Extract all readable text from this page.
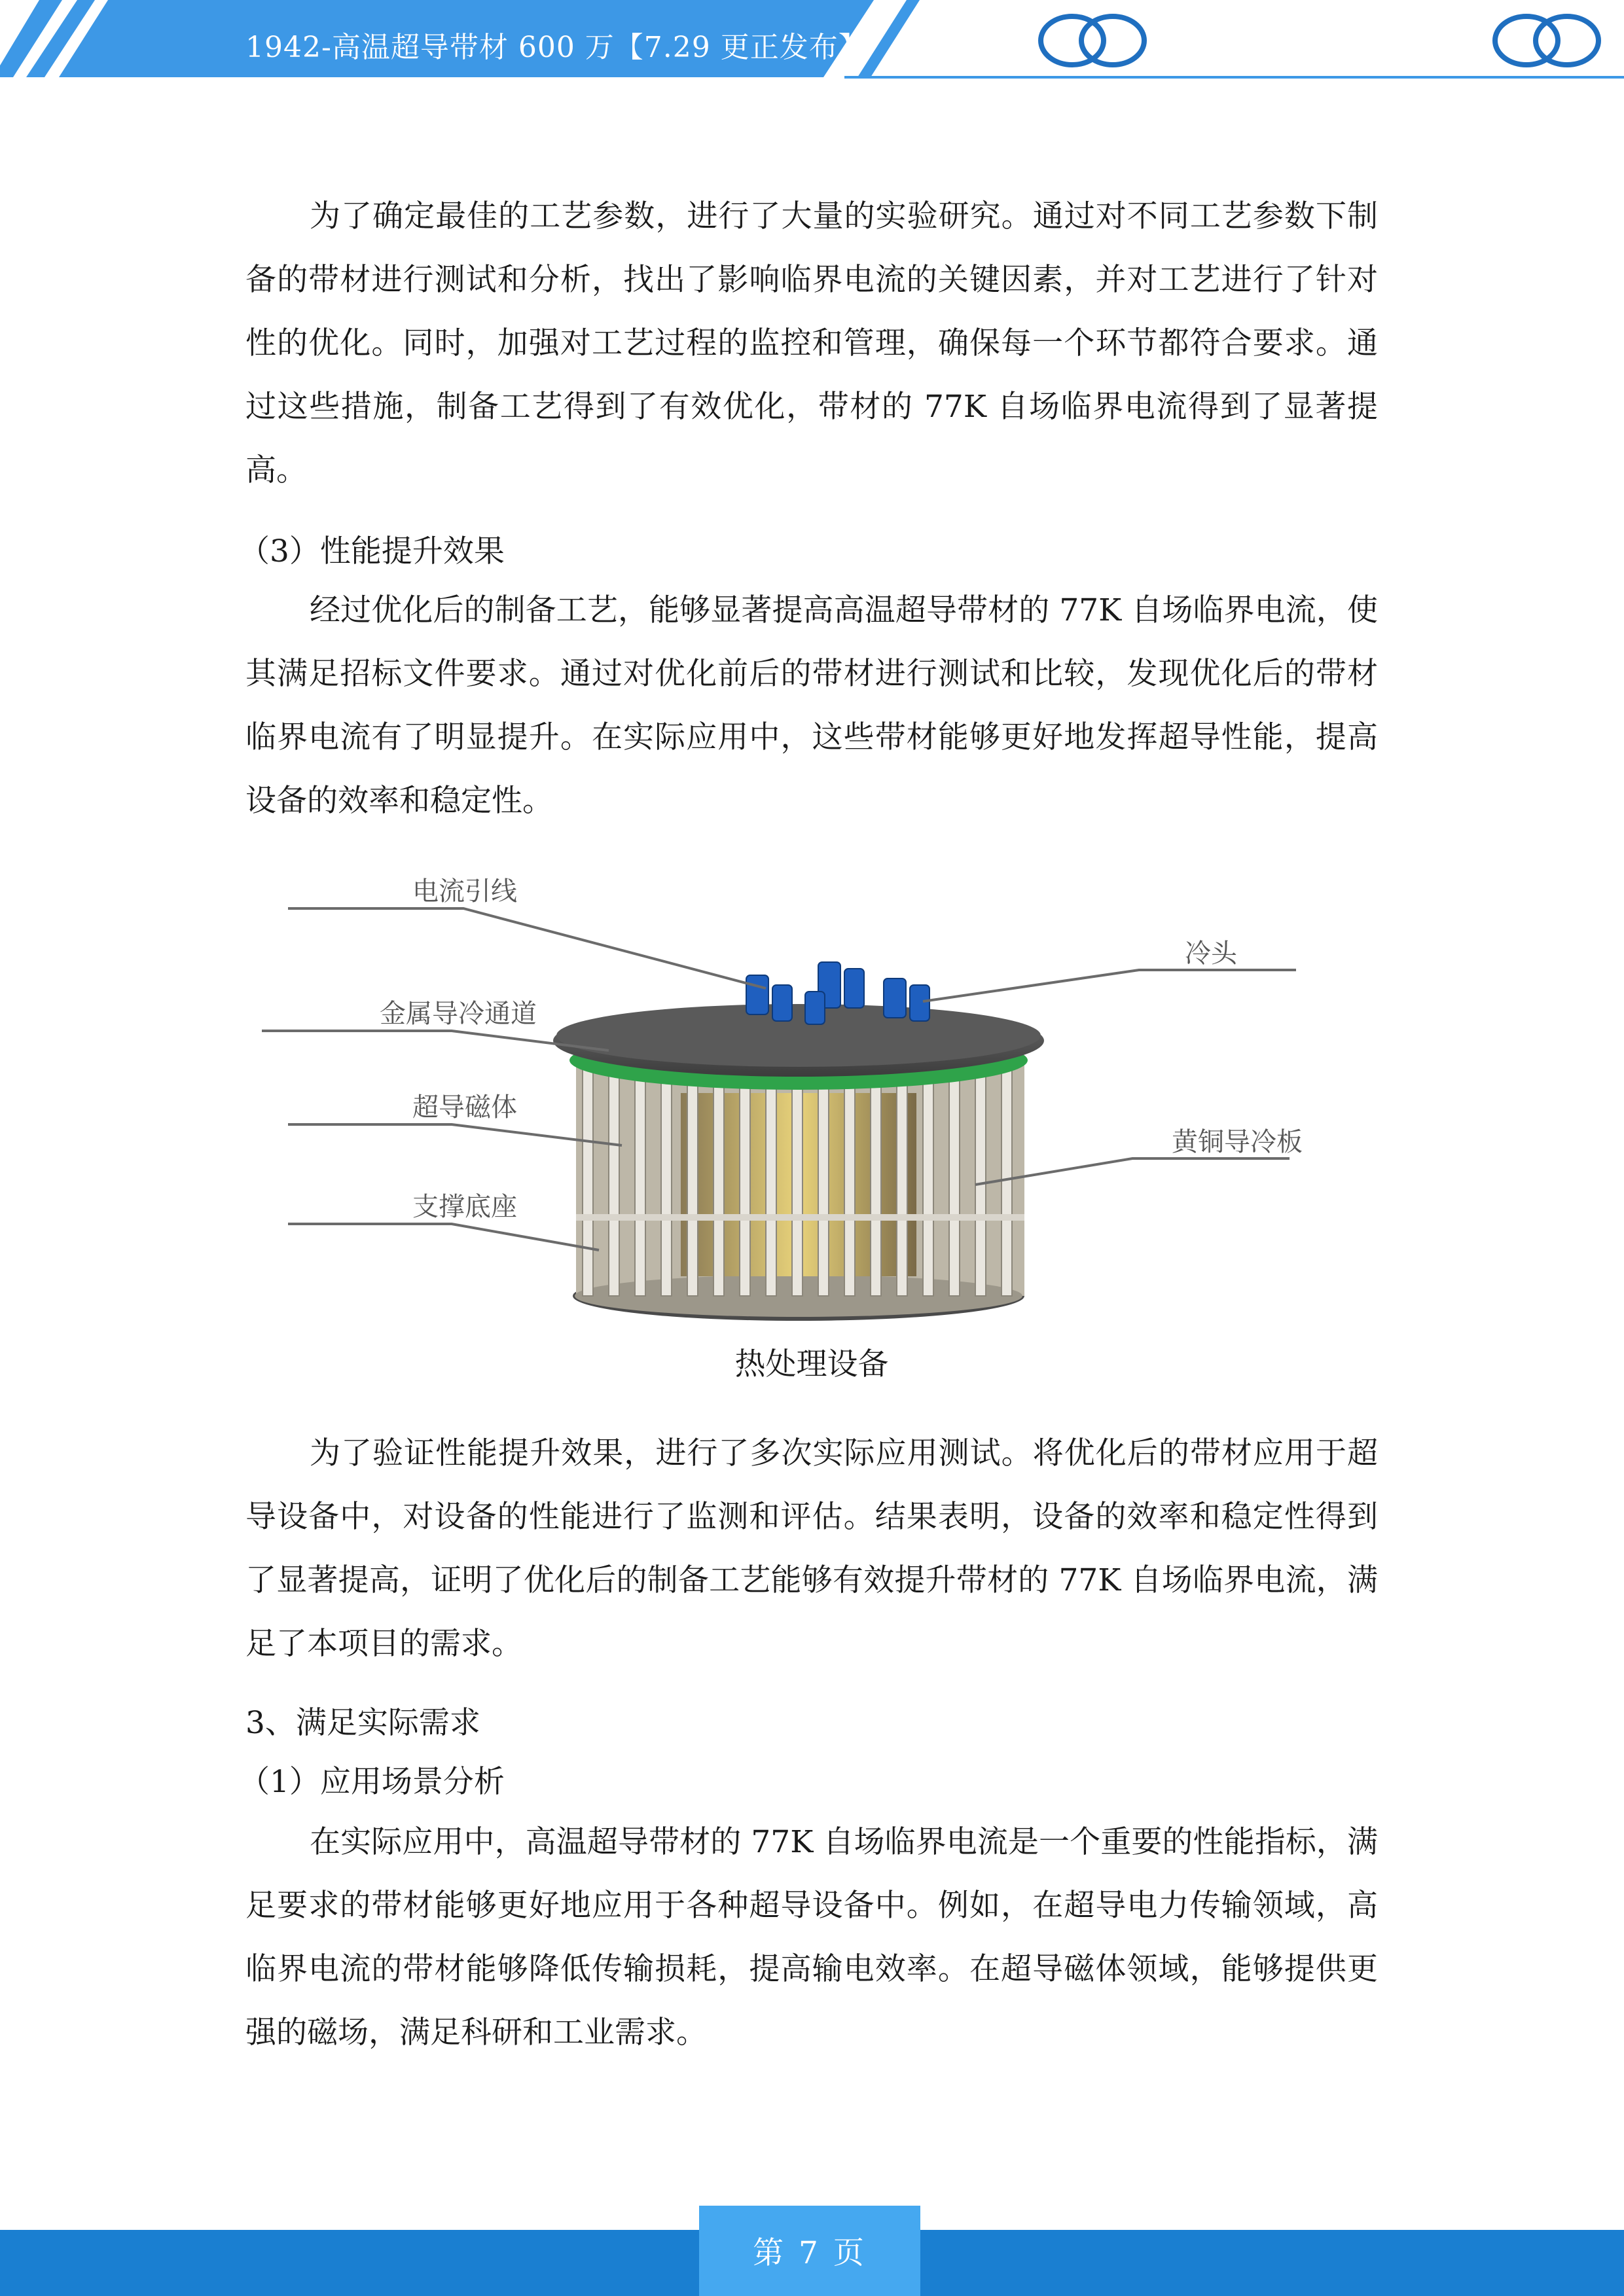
1942-高温超导带材 600 万【7.29 更正发布】

为了确定最佳的工艺参数，进行了大量的实验研究。通过对不同工艺参数下制备的带材进行测试和分析，找出了影响临界电流的关键因素，并对工艺进行了针对性的优化。同时，加强对工艺过程的监控和管理，确保每一个环节都符合要求。通过这些措施，制备工艺得到了有效优化，带材的 77K 自场临界电流得到了显著提高。

（3）性能提升效果

经过优化后的制备工艺，能够显著提高高温超导带材的 77K 自场临界电流，使其满足招标文件要求。通过对优化前后的带材进行测试和比较，发现优化后的带材临界电流有了明显提升。在实际应用中，这些带材能够更好地发挥超导性能，提高设备的效率和稳定性。

热处理设备

为了验证性能提升效果，进行了多次实际应用测试。将优化后的带材应用于超导设备中，对设备的性能进行了监测和评估。结果表明，设备的效率和稳定性得到了显著提高，证明了优化后的制备工艺能够有效提升带材的 77K 自场临界电流，满足了本项目的需求。

3、满足实际需求

（1）应用场景分析

在实际应用中，高温超导带材的 77K 自场临界电流是一个重要的性能指标，满足要求的带材能够更好地应用于各种超导设备中。例如，在超导电力传输领域，高临界电流的带材能够降低传输损耗，提高输电效率。在超导磁体领域，能够提供更强的磁场，满足科研和工业需求。

电流引线
冷头
金属导冷通道
超导磁体
黄铜导冷板
支撑底座
第 7 页
